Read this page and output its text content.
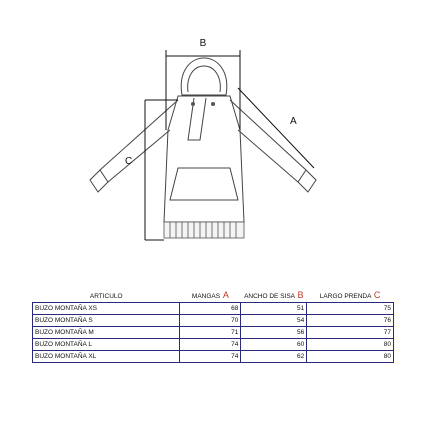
B
A
C
ARTICULO	MANGAS A	ANCHO DE SISA B	LARGO PRENDA C
BUZO MONTAÑA XS	68	51	75
BUZO MONTAÑA S	70	54	76
BUZO MONTAÑA M	71	56	77
BUZO MONTAÑA L	74	60	80
BUZO MONTAÑA XL	74	62	80
